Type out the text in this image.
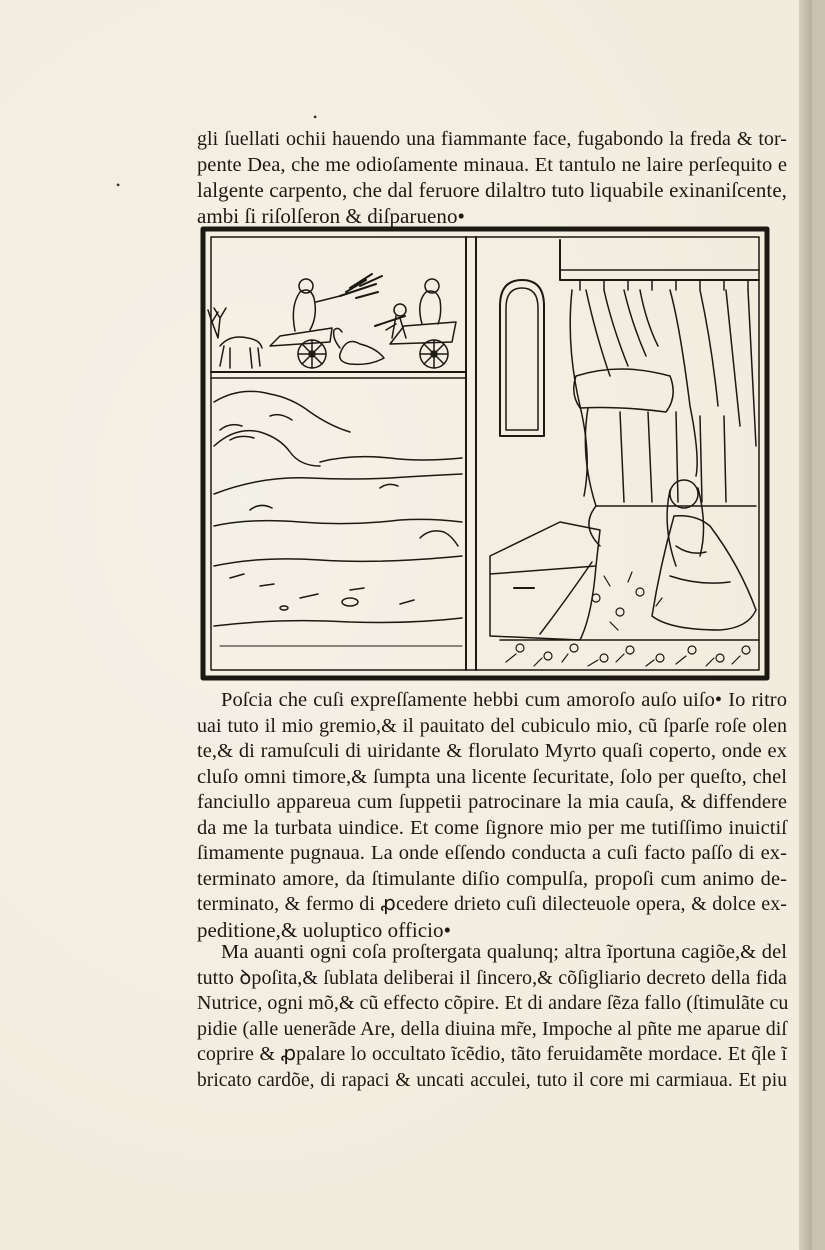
•
•
gli ſuellati ochii hauendo una fiammante face, fugabondo la freda & tor-
pente Dea, che me odioſamente minaua. Et tantulo ne laire perſequito e
lalgente carpento, che dal feruore dilaltro tuto liquabile exinaniſcente,
ambi ſi riſolſeron & diſparueno•
Poſcia che cuſi expreſſamente hebbi cum amoroſo auſo uiſo• Io ritro
uai tuto il mio gremio,& il pauitato del cubiculo mio, cũ ſparſe roſe olen
te,& di ramuſculi di uiridante & florulato Myrto quaſi coperto, onde ex
cluſo omni timore,& ſumpta una licente ſecuritate, ſolo per queſto, chel
fanciullo appareua cum ſuppetii patrocinare la mia cauſa, & diffendere
da me la turbata uindice. Et come ſignore mio per me tutiſſimo inuictiſ
ſimamente pugnaua. La onde eſſendo conducta a cuſi facto paſſo di ex-
terminato amore, da ſtimulante diſio compulſa, propoſi cum animo de-
terminato, & fermo di ꝓcedere drieto cuſi dilecteuole opera, & dolce ex-
peditione,& uoluptico officio•
Ma auanti ogni coſa proſtergata qualunq; altra ĩportuna cagiõe,& del
tutto ꝺpoſita,& ſublata deliberai il ſincero,& cõſigliario decreto della fida
Nutrice, ogni mõ,& cũ effecto cõpire. Et di andare ſẽza fallo (ſtimulãte cu
pidie (alle uenerãde Are, della diuina mr̃e, Impoche al pñte me aparue diſ
coprire & ꝓpalare lo occultato ĩcẽdio, tãto feruidamẽte mordace. Et q̃le ĩ
bricato cardõe, di rapaci & uncati acculei, tuto il core mi carmiaua. Et piu
